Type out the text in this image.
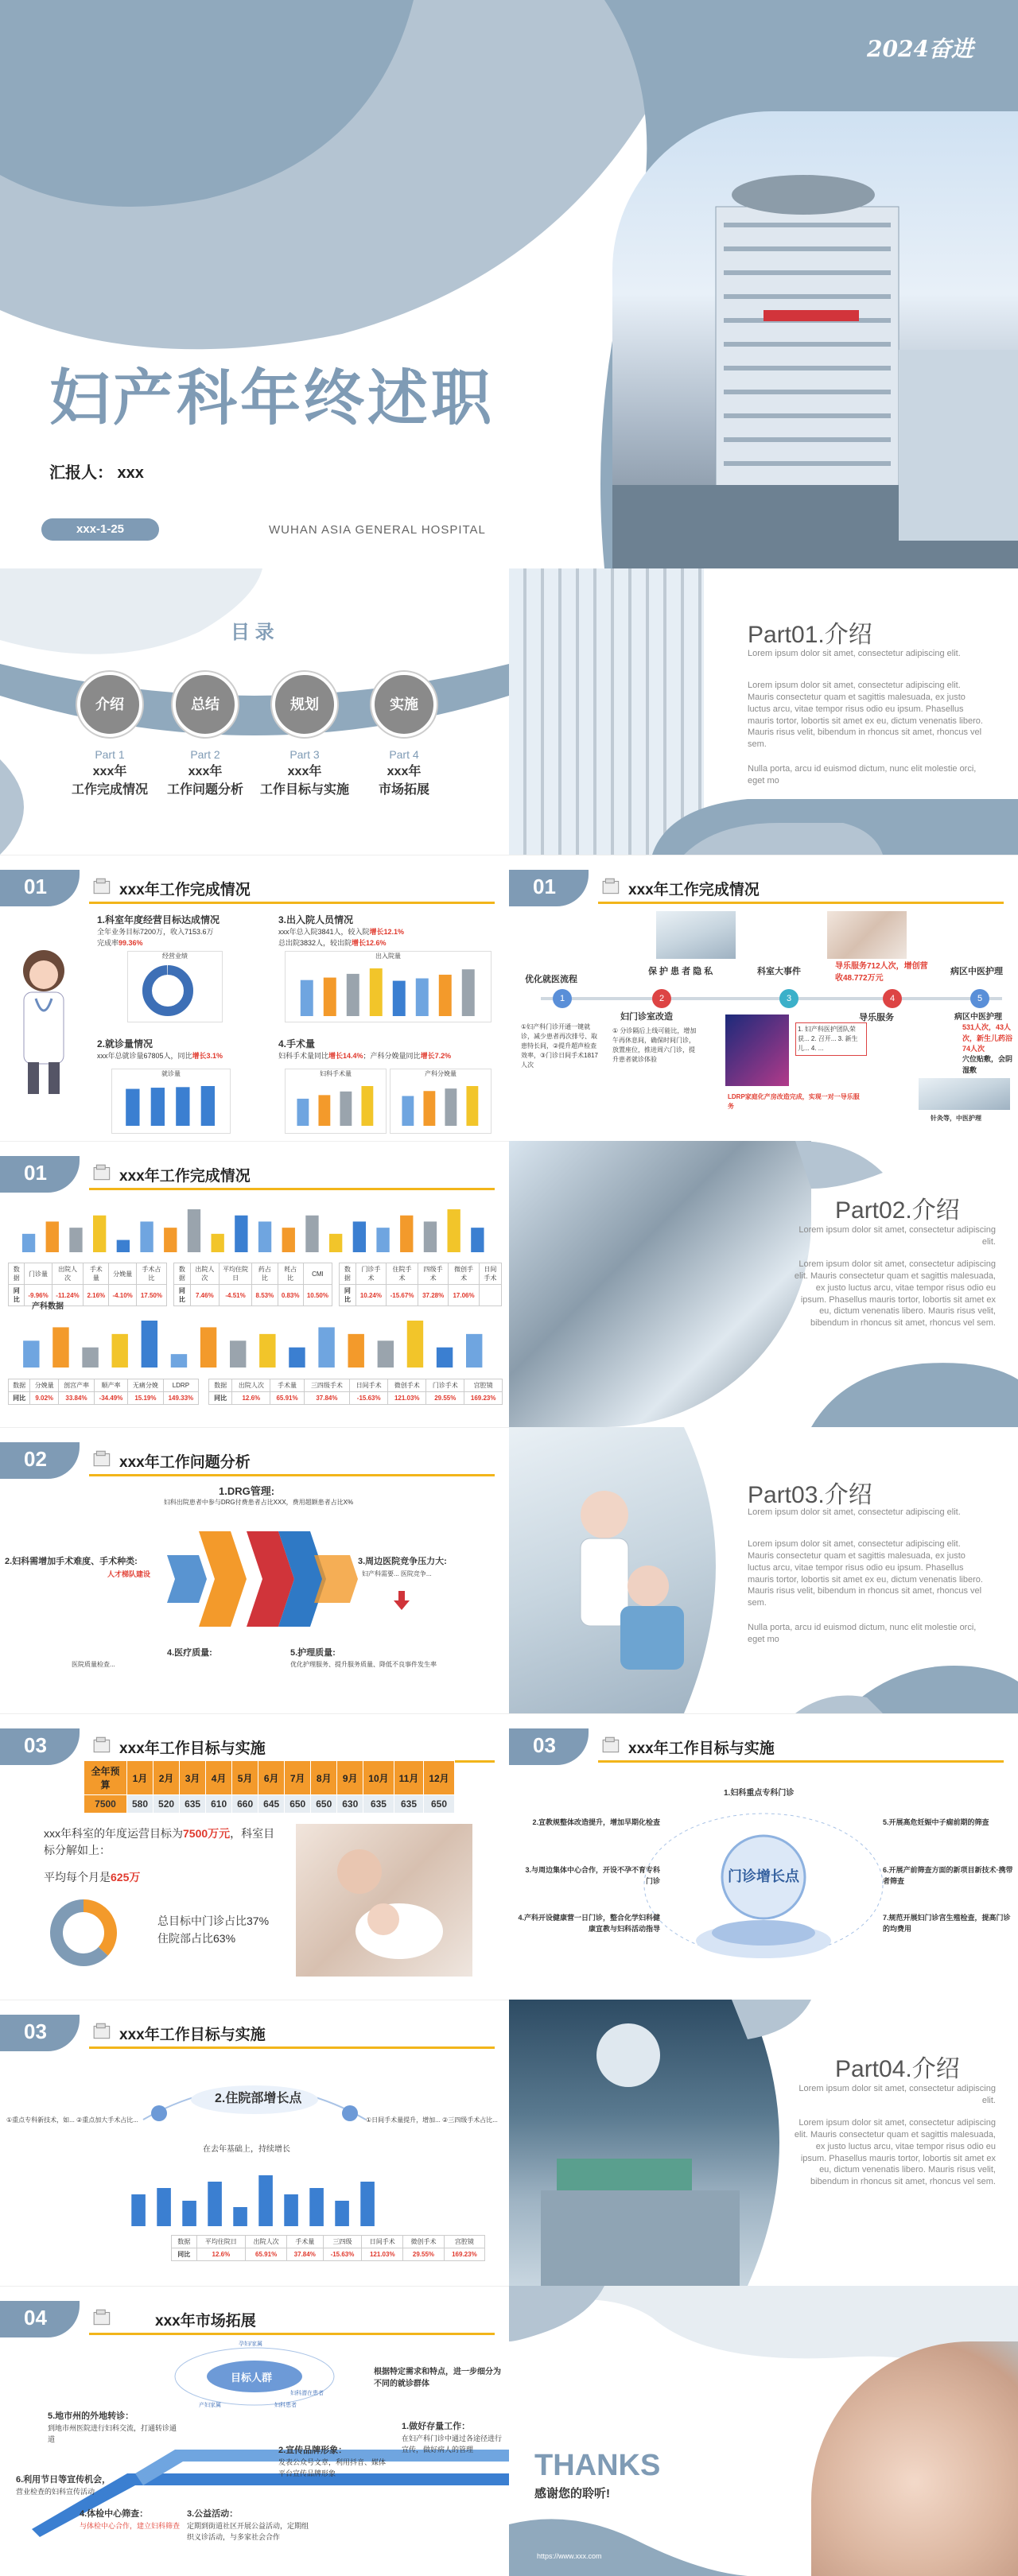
2024奋进
妇产科年终述职
汇报人： xxx
xxx-1-25	WUHAN ASIA GENERAL HOSPITAL
目 录
介绍
Part 1
xxx年
工作完成情况
总结
Part 2
xxx年
工作问题分析
规划
Part 3
xxx年
工作目标与实施
实施
Part 4
xxx年
市场拓展
Part01.介绍
Lorem ipsum dolor sit amet, consectetur adipiscing elit.
Lorem ipsum dolor sit amet, consectetur adipiscing elit. Mauris consectetur quam et sagittis malesuada, ex justo luctus arcu, vitae tempor risus odio eu ipsum. Phasellus mauris tortor, lobortis sit amet ex eu, dictum venenatis libero. Mauris risus velit, bibendum in rhoncus sit amet, rhoncus vel sem.
Nulla porta, arcu id euismod dictum, nunc elit molestie orci, eget mo
01	xxx年工作完成情况
1.科室年度经营目标达成情况
全年业务目标7200万，收入7153.6万
完成率99.36%
经营业绩
2.就诊量情况
xxx年总就诊量67805人，同比增长3.1%
就诊量
3.出入院人员情况
xxx年总入院3841人，较入院增长12.1%
总出院3832人，较出院增长12.6%
出入院量
4.手术量
妇科手术量同比增长14.4%；产科分娩量同比增长7.2%
妇科手术量	产科分娩量
01	xxx年工作完成情况
保 护 患 者 隐 私	科室大事件
导乐服务712人次，增创营收48.772万元
病区中医护理
1	2	3	4	5
优化就医流程
妇门诊室改造	导乐服务	病区中医护理
①妇产科门诊开通一键就诊，减少患者再次排号、取患特长间，②提升超声检查效率，③门诊日间手术1817人次
① 分诊隔后上线可能比，增加午再休息间，确保时间门诊，放置座位，推进周六门诊，提升患者就诊体验
1. 妇产科医护团队荣获... 2. 召开... 3. 新生儿... 4. ...
LDRP家庭化产房改造完成，实现一对一导乐服务
531人次，43人次，新生儿药浴74人次
穴位贴敷，会阴湿敷
针灸等，中医护理
01	xxx年工作完成情况
数据	门诊量	出院人次	手术量	分娩量	手术占比
同比	-9.96%	-11.24%	2.16%	-4.10%	17.50%
数据	出院人次	平均住院日	药占比	耗占比	CMI
同比	7.46%	-4.51%	8.53%	0.83%	10.50%
数据	门诊手术	住院手术	四级手术	微创手术	日间手术
同比	10.24%	-15.67%	37.28%	17.06%	
产科数据
数据	分娩量	剖宫产率	顺产率	无痛分娩	LDRP
同比	9.02%	33.84%	-34.49%	15.19%	149.33%
数据	出院人次	手术量	三四级手术	日间手术	微创手术	门诊手术	宫腔镜
同比	12.6%	65.91%	37.84%	-15.63%	121.03%	29.55%	169.23%
Part02.介绍
Lorem ipsum dolor sit amet, consectetur adipiscing elit.
Lorem ipsum dolor sit amet, consectetur adipiscing elit. Mauris consectetur quam et sagittis malesuada, ex justo luctus arcu, vitae tempor risus odio eu ipsum. Phasellus mauris tortor, lobortis sit amet ex eu, dictum venenatis libero. Mauris risus velit, bibendum in rhoncus sit amet, rhoncus vel sem.
02	xxx年工作问题分析
1.DRG管理:
妇科出院患者中参与DRG付费患者占比XXX，费用超额患者占比X%
2.妇科需增加手术难度、手术种类:
人才梯队建设
3.周边医院竞争压力大:
妇产科需要... 医院竞争...
4.医疗质量:
医院质量检查...
5.护理质量:
优化护理服务、提升服务质量、降低不良事件发生率
Part03.介绍
Lorem ipsum dolor sit amet, consectetur adipiscing elit.
Lorem ipsum dolor sit amet, consectetur adipiscing elit. Mauris consectetur quam et sagittis malesuada, ex justo luctus arcu, vitae tempor risus odio eu ipsum. Phasellus mauris tortor, lobortis sit amet ex eu, dictum venenatis libero. Mauris risus velit, bibendum in rhoncus sit amet, rhoncus vel sem.
Nulla porta, arcu id euismod dictum, nunc elit molestie orci, eget mo
03	xxx年工作目标与实施
全年预算	1月	2月	3月	4月	5月	6月	7月	8月	9月	10月	11月	12月
7500	580	520	635	610	660	645	650	650	630	635	635	650
xxx年科室的年度运营目标为7500万元，科室目标分解如上：
平均每个月是625万
总目标中门诊占比37%
住院部占比63%
03	xxx年工作目标与实施
门诊增长点
1.妇科重点专科门诊
2.宣教规整体改造提升，增加早期化检查
3.与周边集体中心合作，开设不孕不育专科门诊
4.产科开设健康营一日门诊，整合化学妇科健康宣教与妇科活动指导
5.开展高危妊娠中子痫前期的筛查
6.开展产前筛查方面的新项目新技术·携带者筛查
7.规范开展妇门诊宫生殖检查，提高门诊的均费用
03	xxx年工作目标与实施
2.住院部增长点
在去年基础上，持续增长
①重点专科新技术，如... ②重点加大手术占比...	①日间手术量提升，增加... ②三四级手术占比...
数据	平均住院日	出院人次	手术量	三四级	日间手术	微创手术	宫腔镜
同比	12.6%	65.91%	37.84%	-15.63%	121.03%	29.55%	169.23%
Part04.介绍
Lorem ipsum dolor sit amet, consectetur adipiscing elit.
Lorem ipsum dolor sit amet, consectetur adipiscing elit. Mauris consectetur quam et sagittis malesuada, ex justo luctus arcu, vitae tempor risus odio eu ipsum. Phasellus mauris tortor, lobortis sit amet ex eu, dictum venenatis libero. Mauris risus velit, bibendum in rhoncus sit amet, rhoncus vel sem.
04	xxx年市场拓展
目标人群
孕妇/家属
产妇家属	妇科患者
妇科潜在患者
根据特定需求和特点，进一步细分为不同的就诊群体
5.地市州的外地转诊：
到地市州医院进行妇科交流，打通转诊通道
6.利用节日等宣传机会，
营业检查的妇科宣传活动
4.体检中心筛查：
与体检中心合作，建立妇科筛查
3.公益活动：
定期到街道社区开展公益活动，定期组织义诊活动，与多家社会合作
2.宣传品牌形象：
发表公众号文章，利用抖音、媒体平台宣传品牌形象
1.做好存量工作：
在妇产科门诊中通过各途径进行宣传，做好病人的管理	THANKS
感谢您的聆听!
https://www.xxx.com
